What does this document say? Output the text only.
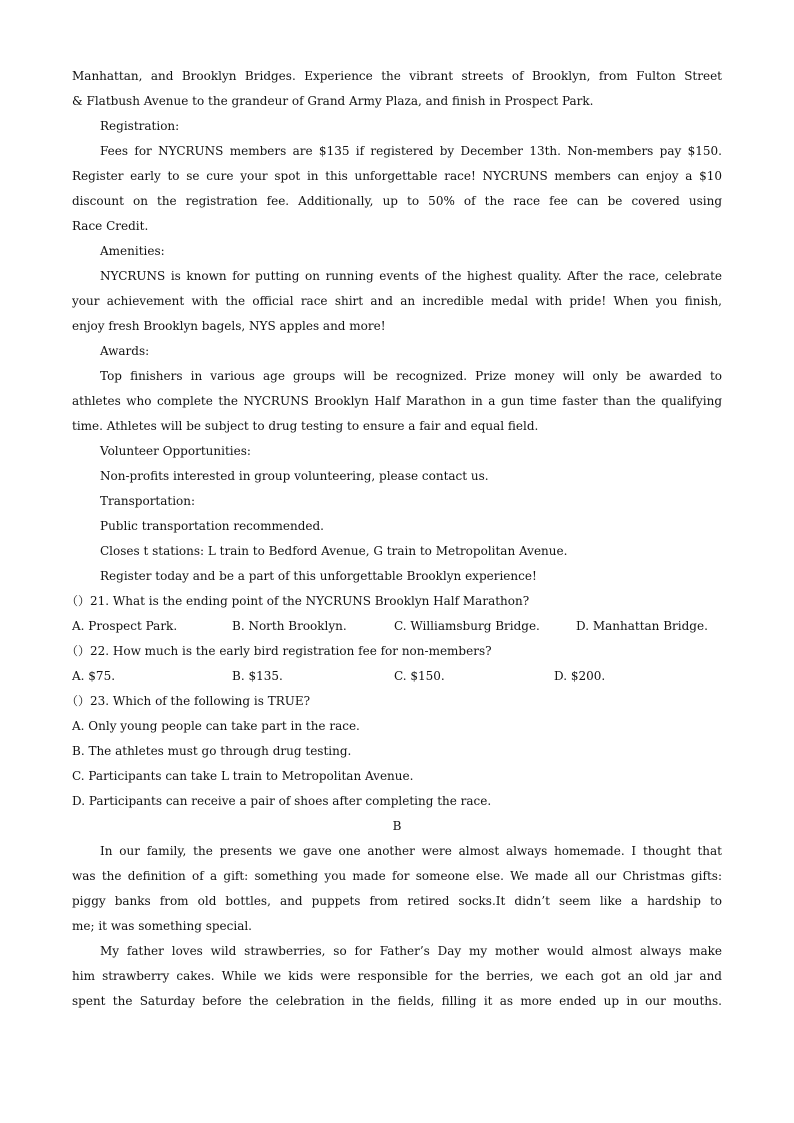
Manhattan, and Brooklyn Bridges. Experience the vibrant streets of Brooklyn, from Fulton Street
& Flatbush Avenue to the grandeur of Grand Army Plaza, and finish in Prospect Park.
Registration:
Fees for NYCRUNS members are $135 if registered by December 13th. Non-members pay $150.
Register early to se cure your spot in this unforgettable race! NYCRUNS members can enjoy a $10
discount on the registration fee. Additionally, up to 50% of the race fee can be covered using
Race Credit.
Amenities:
NYCRUNS is known for putting on running events of the highest quality. After the race, celebrate
your achievement with the official race shirt and an incredible medal with pride! When you finish,
enjoy fresh Brooklyn bagels, NYS apples and more!
Awards:
Top finishers in various age groups will be recognized. Prize money will only be awarded to
athletes who complete the NYCRUNS Brooklyn Half Marathon in a gun time faster than the qualifying
time. Athletes will be subject to drug testing to ensure a fair and equal field.
Volunteer Opportunities:
Non-profits interested in group volunteering, please contact us.
Transportation:
Public transportation recommended.
Closes t stations: L train to Bedford Avenue, G train to Metropolitan Avenue.
Register today and be a part of this unforgettable Brooklyn experience!
（）21. What is the ending point of the NYCRUNS Brooklyn Half Marathon?
A. Prospect Park.	B. North Brooklyn.	C. Williamsburg Bridge.	D. Manhattan Bridge.
（）22. How much is the early bird registration fee for non-members?
A. $75.	B. $135.	C. $150.	D. $200.
（）23. Which of the following is TRUE?
A. Only young people can take part in the race.
B. The athletes must go through drug testing.
C. Participants can take L train to Metropolitan Avenue.
D. Participants can receive a pair of shoes after completing the race.
B
In our family, the presents we gave one another were almost always homemade. I thought that
was the definition of a gift: something you made for someone else. We made all our Christmas gifts:
piggy banks from old bottles, and puppets from retired socks.It didn’t seem like a hardship to
me; it was something special.
My father loves wild strawberries, so for Father’s Day my mother would almost always make
him strawberry cakes. While we kids were responsible for the berries, we each got an old jar and
spent the Saturday before the celebration in the fields, filling it as more ended up in our mouths.
